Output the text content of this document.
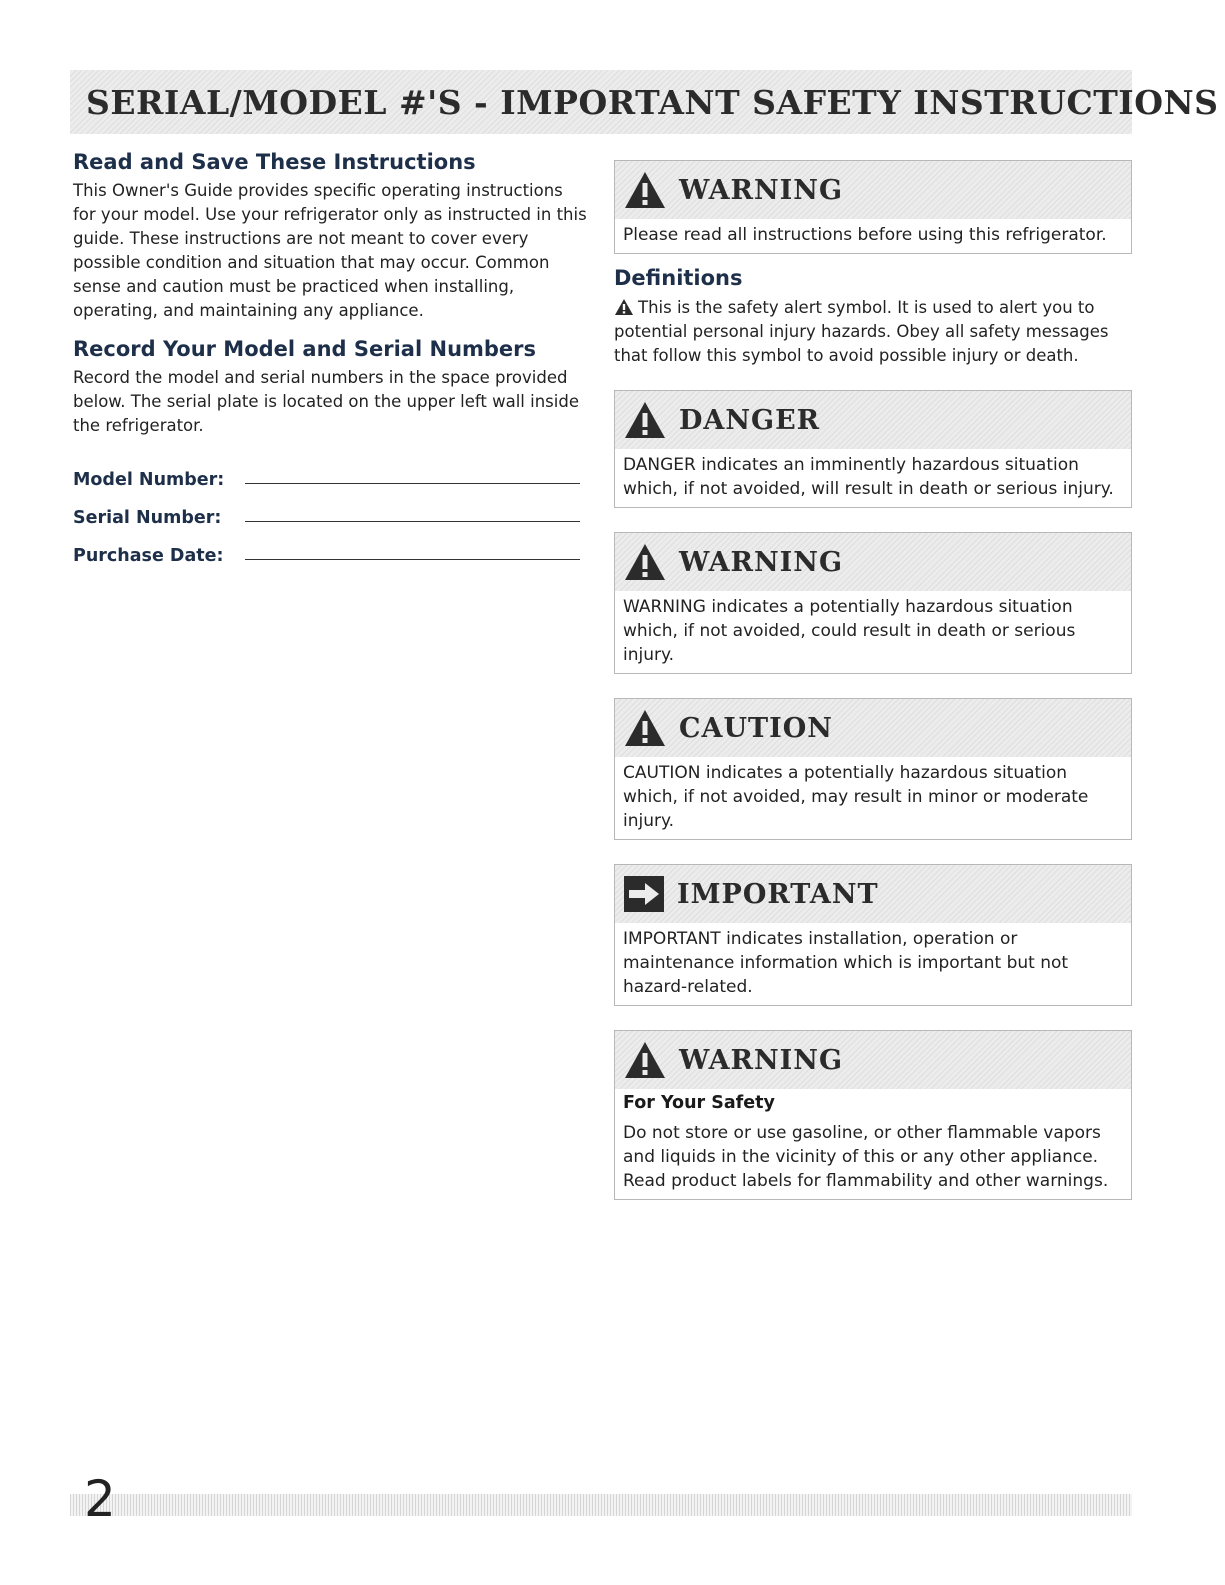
SERIAL/MODEL #'S - IMPORTANT SAFETY INSTRUCTIONS
Read and Save These Instructions

This Owner's Guide provides specific operating instructions for your model. Use your refrigerator only as instructed in this guide. These instructions are not meant to cover every possible condition and situation that may occur. Common sense and caution must be practiced when installing, operating, and maintaining any appliance.

Record Your Model and Serial Numbers

Record the model and serial numbers in the space provided below. The serial plate is located on the upper left wall inside the refrigerator.

Model Number:
Serial Number:
Purchase Date:
WARNING
Please read all instructions before using this refrigerator.
Definitions

This is the safety alert symbol. It is used to alert you to potential personal injury hazards. Obey all safety messages that follow this symbol to avoid possible injury or death.

DANGER
DANGER indicates an imminently hazardous situation which, if not avoided, will result in death or serious injury.
WARNING
WARNING indicates a potentially hazardous situation which, if not avoided, could result in death or serious injury.
CAUTION
CAUTION indicates a potentially hazardous situation which, if not avoided, may result in minor or moderate injury.
IMPORTANT
IMPORTANT indicates installation, operation or maintenance information which is important but not hazard-related.
WARNING
For Your Safety
Do not store or use gasoline, or other flammable vapors and liquids in the vicinity of this or any other appliance. Read product labels for flammability and other warnings.
2
